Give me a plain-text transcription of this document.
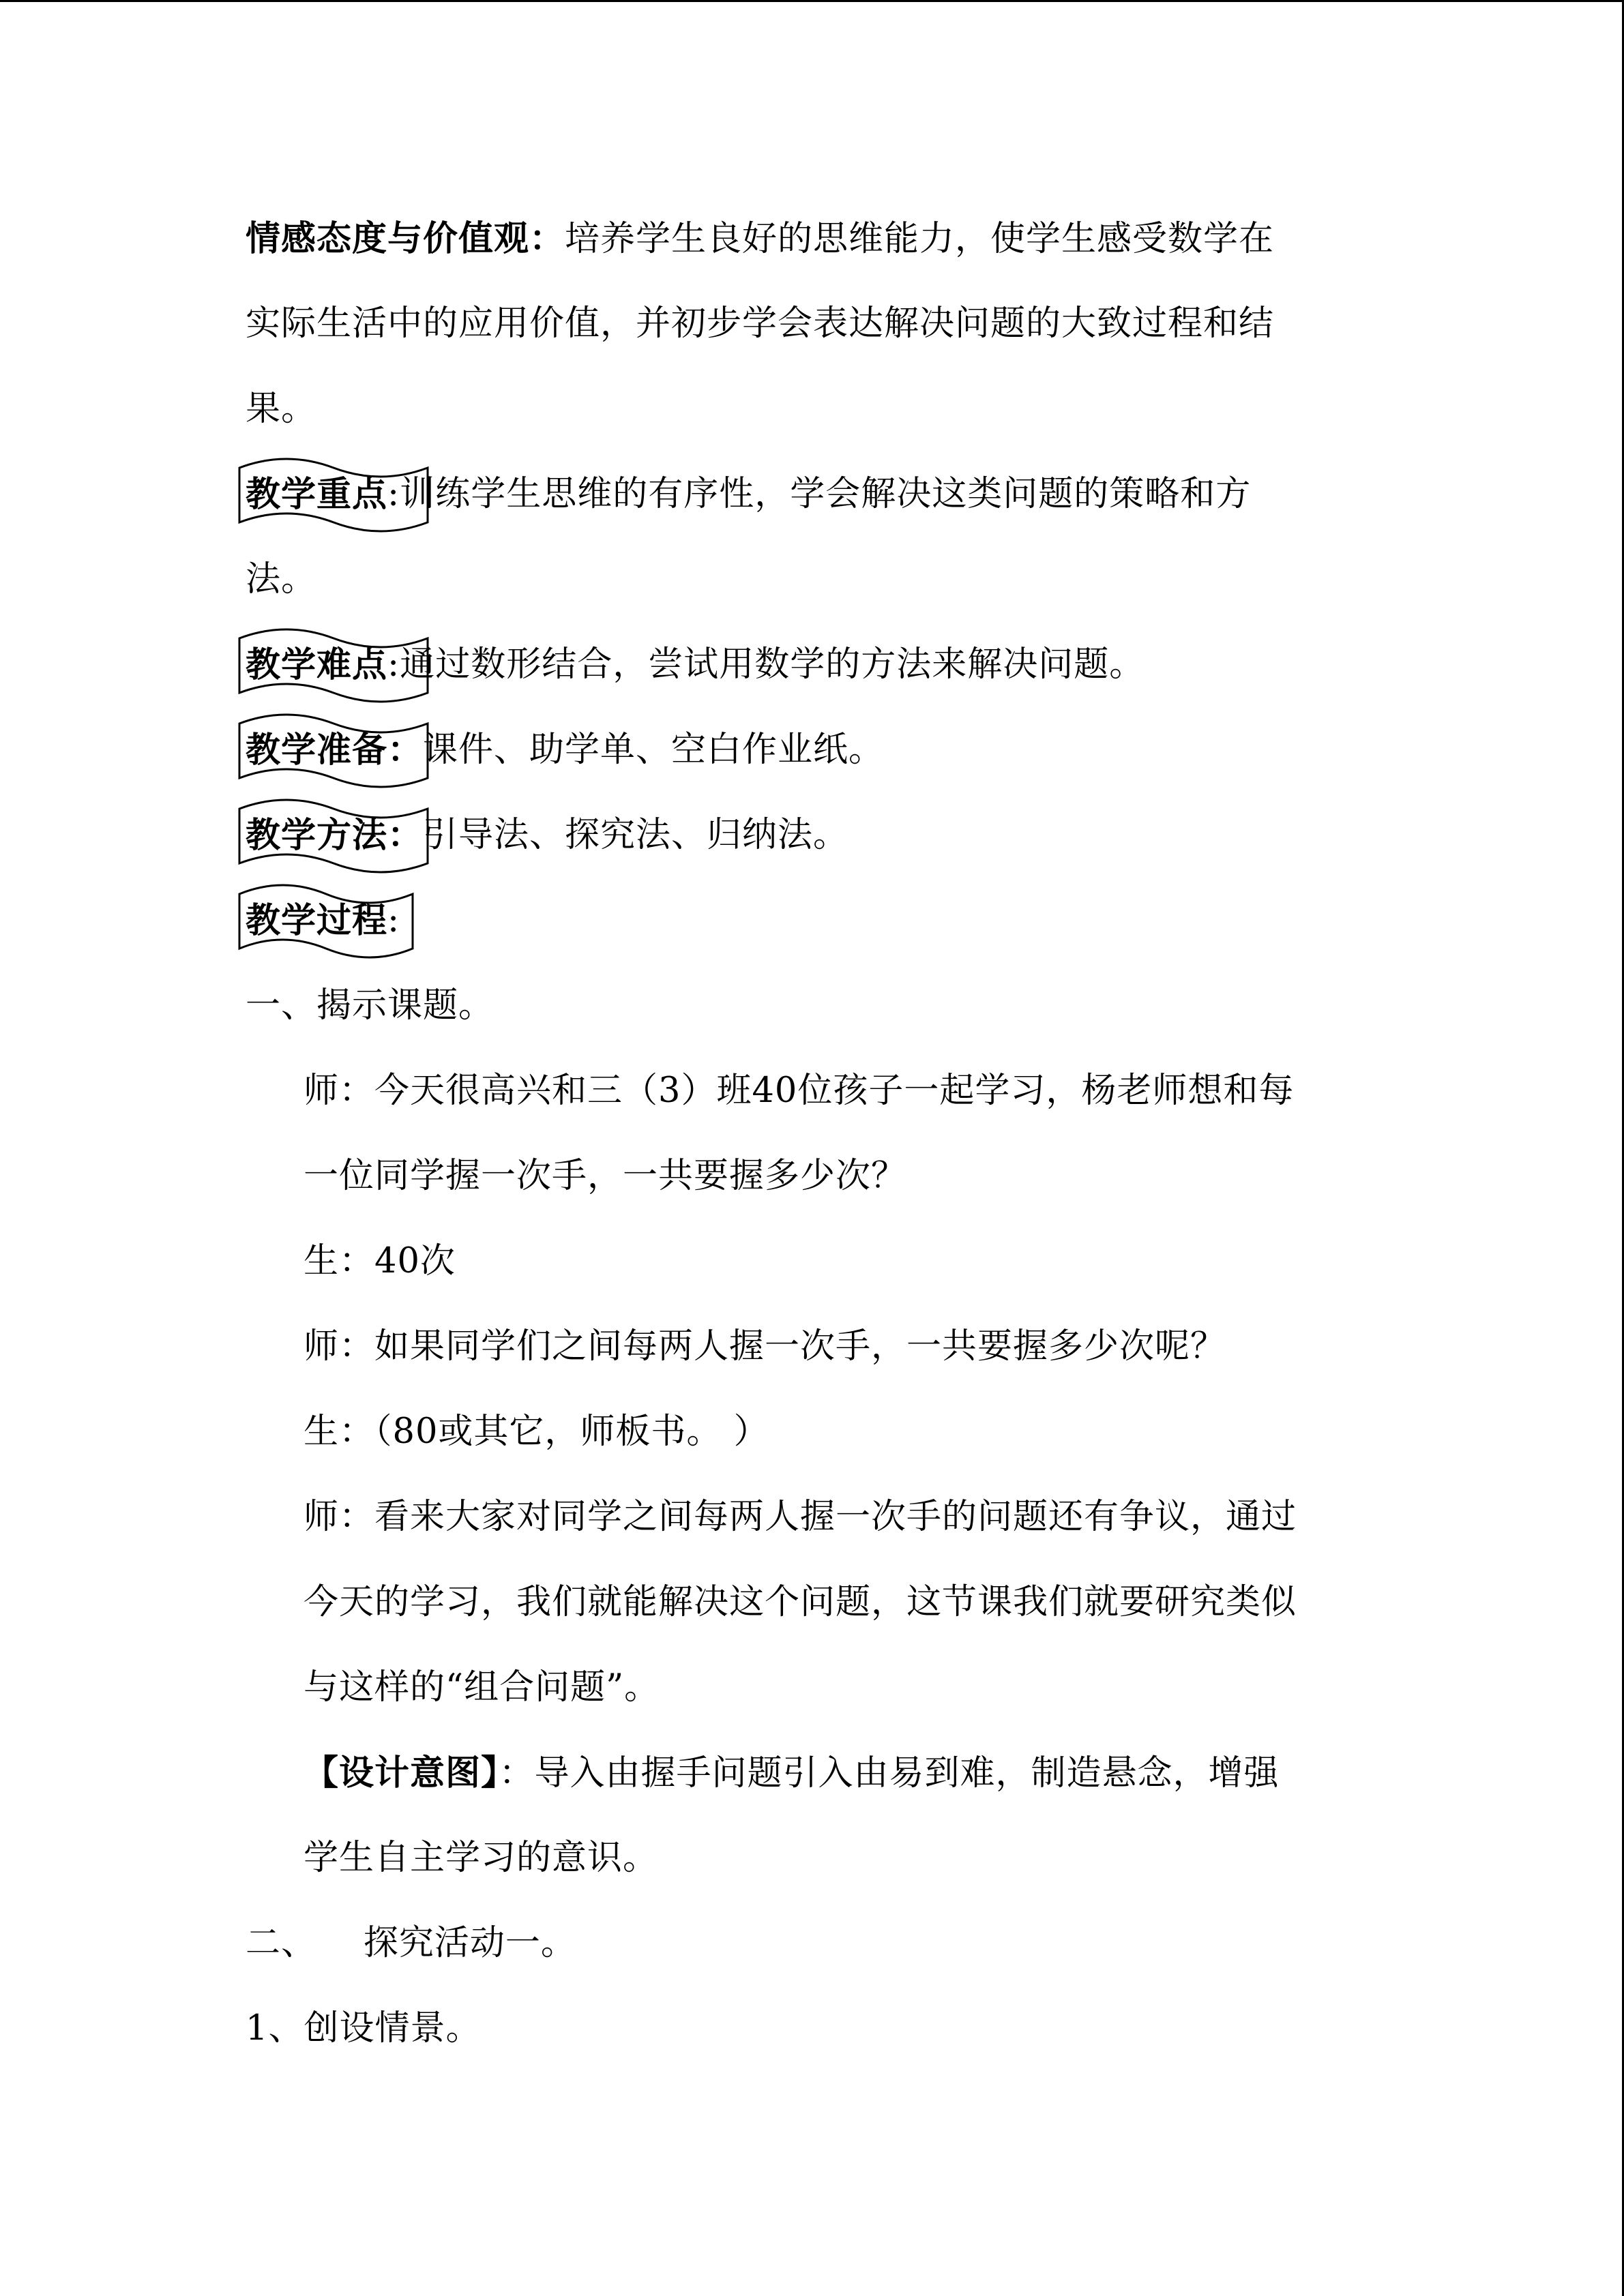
情感态度与价值观：培养学生良好的思维能力，使学生感受数学在
实际生活中的应用价值，并初步学会表达解决问题的大致过程和结
果。
教学重点 :训练学生思维的有序性，学会解决这类问题的策略和方
法。
教学难点 :通过数形结合，尝试用数学的方法来解决问题。
教学准备： 课件、助学单、空白作业纸。
教学方法： 引导法、探究法、归纳法。
教学过程 :
一、揭示课题。
师：今天很高兴和三（3）班40位孩子一起学习，杨老师想和每
一位同学握一次手，一共要握多少次？
生：40次
师：如果同学们之间每两人握一次手，一共要握多少次呢？
生：（80或其它，师板书。 ）
师：看来大家对同学之间每两人握一次手的问题还有争议，通过
今天的学习，我们就能解决这个问题，这节课我们就要研究类似
与这样的“组合问题”。
【设计意图】：导入由握手问题引入由易到难，制造悬念，增强
学生自主学习的意识。
二、    探究活动一。
1、创设情景。
